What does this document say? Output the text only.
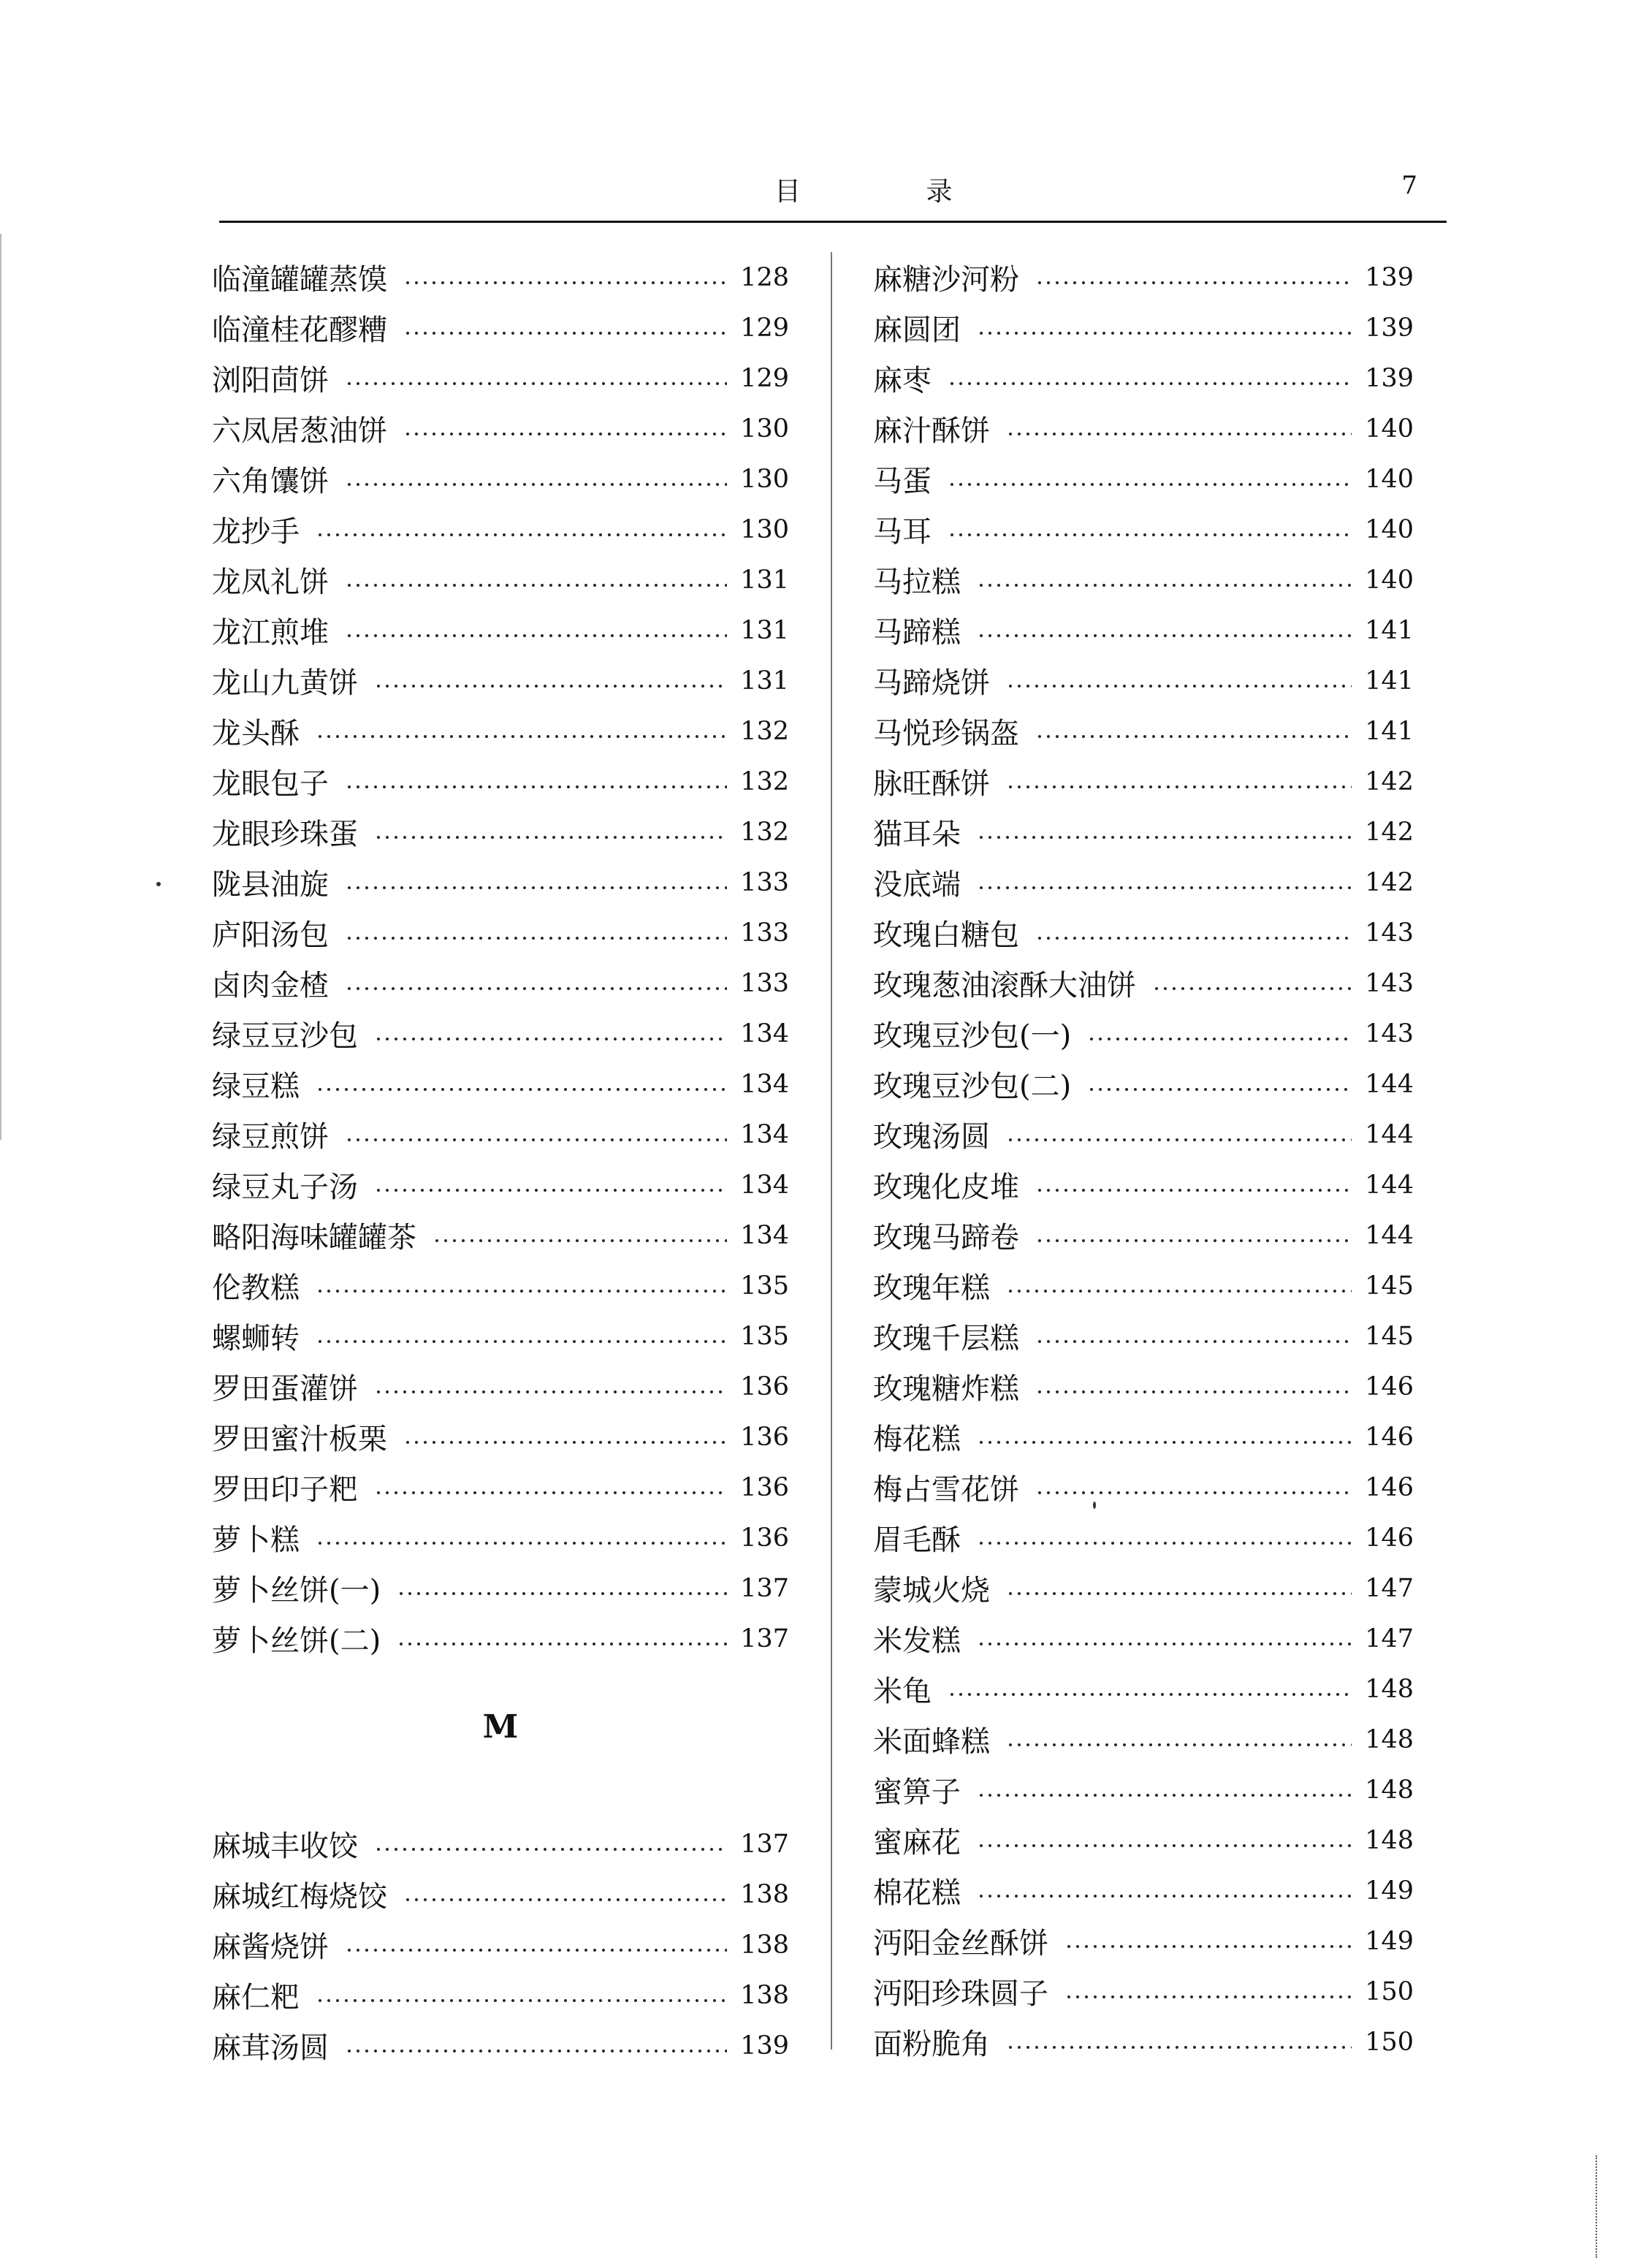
目 录	7
临潼罐罐蒸馍	128
临潼桂花醪糟	129
浏阳茴饼	129
六凤居葱油饼	130
六角馕饼	130
龙抄手	130
龙凤礼饼	131
龙江煎堆	131
龙山九黄饼	131
龙头酥	132
龙眼包子	132
龙眼珍珠蛋	132
陇县油旋	133
庐阳汤包	133
卤肉金楂	133
绿豆豆沙包	134
绿豆糕	134
绿豆煎饼	134
绿豆丸子汤	134
略阳海味罐罐茶	134
伦教糕	135
螺蛳转	135
罗田蛋灌饼	136
罗田蜜汁板栗	136
罗田印子粑	136
萝卜糕	136
萝卜丝饼(一)	137
萝卜丝饼(二)	137
M
麻城丰收饺	137
麻城红梅烧饺	138
麻酱烧饼	138
麻仁粑	138
麻茸汤圆	139
麻糖沙河粉	139
麻圆团	139
麻枣	139
麻汁酥饼	140
马蛋	140
马耳	140
马拉糕	140
马蹄糕	141
马蹄烧饼	141
马悦珍锅盔	141
脉旺酥饼	142
猫耳朵	142
没底端	142
玫瑰白糖包	143
玫瑰葱油滚酥大油饼	143
玫瑰豆沙包(一)	143
玫瑰豆沙包(二)	144
玫瑰汤圆	144
玫瑰化皮堆	144
玫瑰马蹄卷	144
玫瑰年糕	145
玫瑰千层糕	145
玫瑰糖炸糕	146
梅花糕	146
梅占雪花饼	146
眉毛酥	146
蒙城火烧	147
米发糕	147
米龟	148
米面蜂糕	148
蜜箅子	148
蜜麻花	148
棉花糕	149
沔阳金丝酥饼	149
沔阳珍珠圆子	150
面粉脆角	150
